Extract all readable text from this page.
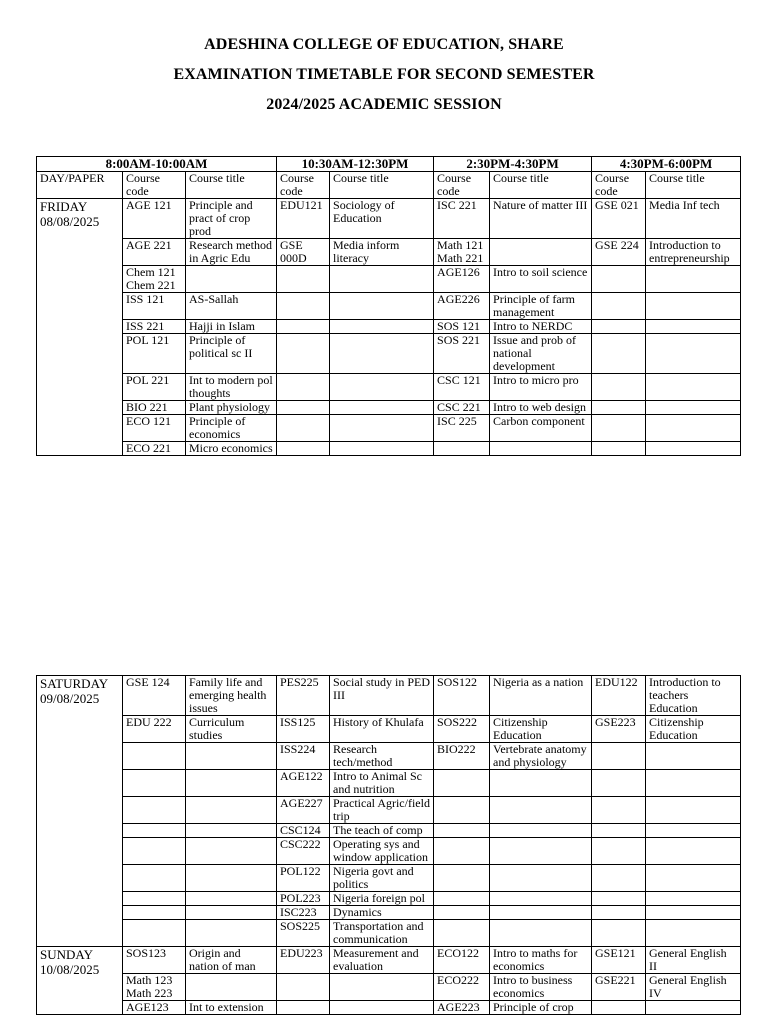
ADESHINA COLLEGE OF EDUCATION, SHARE
EXAMINATION TIMETABLE FOR SECOND SEMESTER
2024/2025 ACADEMIC SESSION
8:00AM-10:00AM			10:30AM-12:30PM		2:30PM-4:30PM		4:30PM-6:00PM	
DAY/PAPER	Course code	Course title	Course code	Course title	Course code	Course title	Course code	Course title

FRIDAY
08/08/2025	AGE 121	Principle and pract of crop prod	EDU121	Sociology of Education	ISC 221	Nature of matter III	GSE 021	Media Inf tech
	AGE 221	Research method in Agric Edu	GSE 000D	Media inform literacy	Math 121 Math 221		GSE 224	Introduction to entrepreneurship
	Chem 121 Chem 221				AGE126	Intro to soil science		
	ISS 121	AS-Sallah			AGE226	Principle of farm management		
	ISS 221	Hajji in Islam			SOS 121	Intro to NERDC		
	POL 121	Principle of political sc II			SOS 221	Issue and prob of national development		
	POL 221	Int to modern pol thoughts			CSC 121	Intro to micro pro		
	BIO 221	Plant physiology			CSC 221	Intro to web design		
	ECO 121	Principle of economics			ISC 225	Carbon component		
	ECO 221	Micro economics						
SATURDAY
09/08/2025	GSE 124	Family life and emerging health issues	PES225	Social study in PED III	SOS122	Nigeria as a nation	EDU122	Introduction to teachers Education
	EDU 222	Curriculum studies	ISS125	History of Khulafa	SOS222	Citizenship Education	GSE223	Citizenship Education
			ISS224	Research tech/method	BIO222	Vertebrate anatomy and physiology		
			AGE122	Intro to Animal Sc and nutrition				
			AGE227	Practical Agric/field trip				
			CSC124	The teach of comp				
			CSC222	Operating sys and window application				
			POL122	Nigeria govt and politics				
			POL223	Nigeria foreign pol				
			ISC223	Dynamics				
			SOS225	Transportation and communication				

SUNDAY
10/08/2025	SOS123	Origin and nation of man	EDU223	Measurement and evaluation	ECO122	Intro to maths for economics	GSE121	General English II
	Math 123 Math 223				ECO222	Intro to business economics	GSE221	General English IV
	AGE123	Int to extension			AGE223	Principle of crop		
